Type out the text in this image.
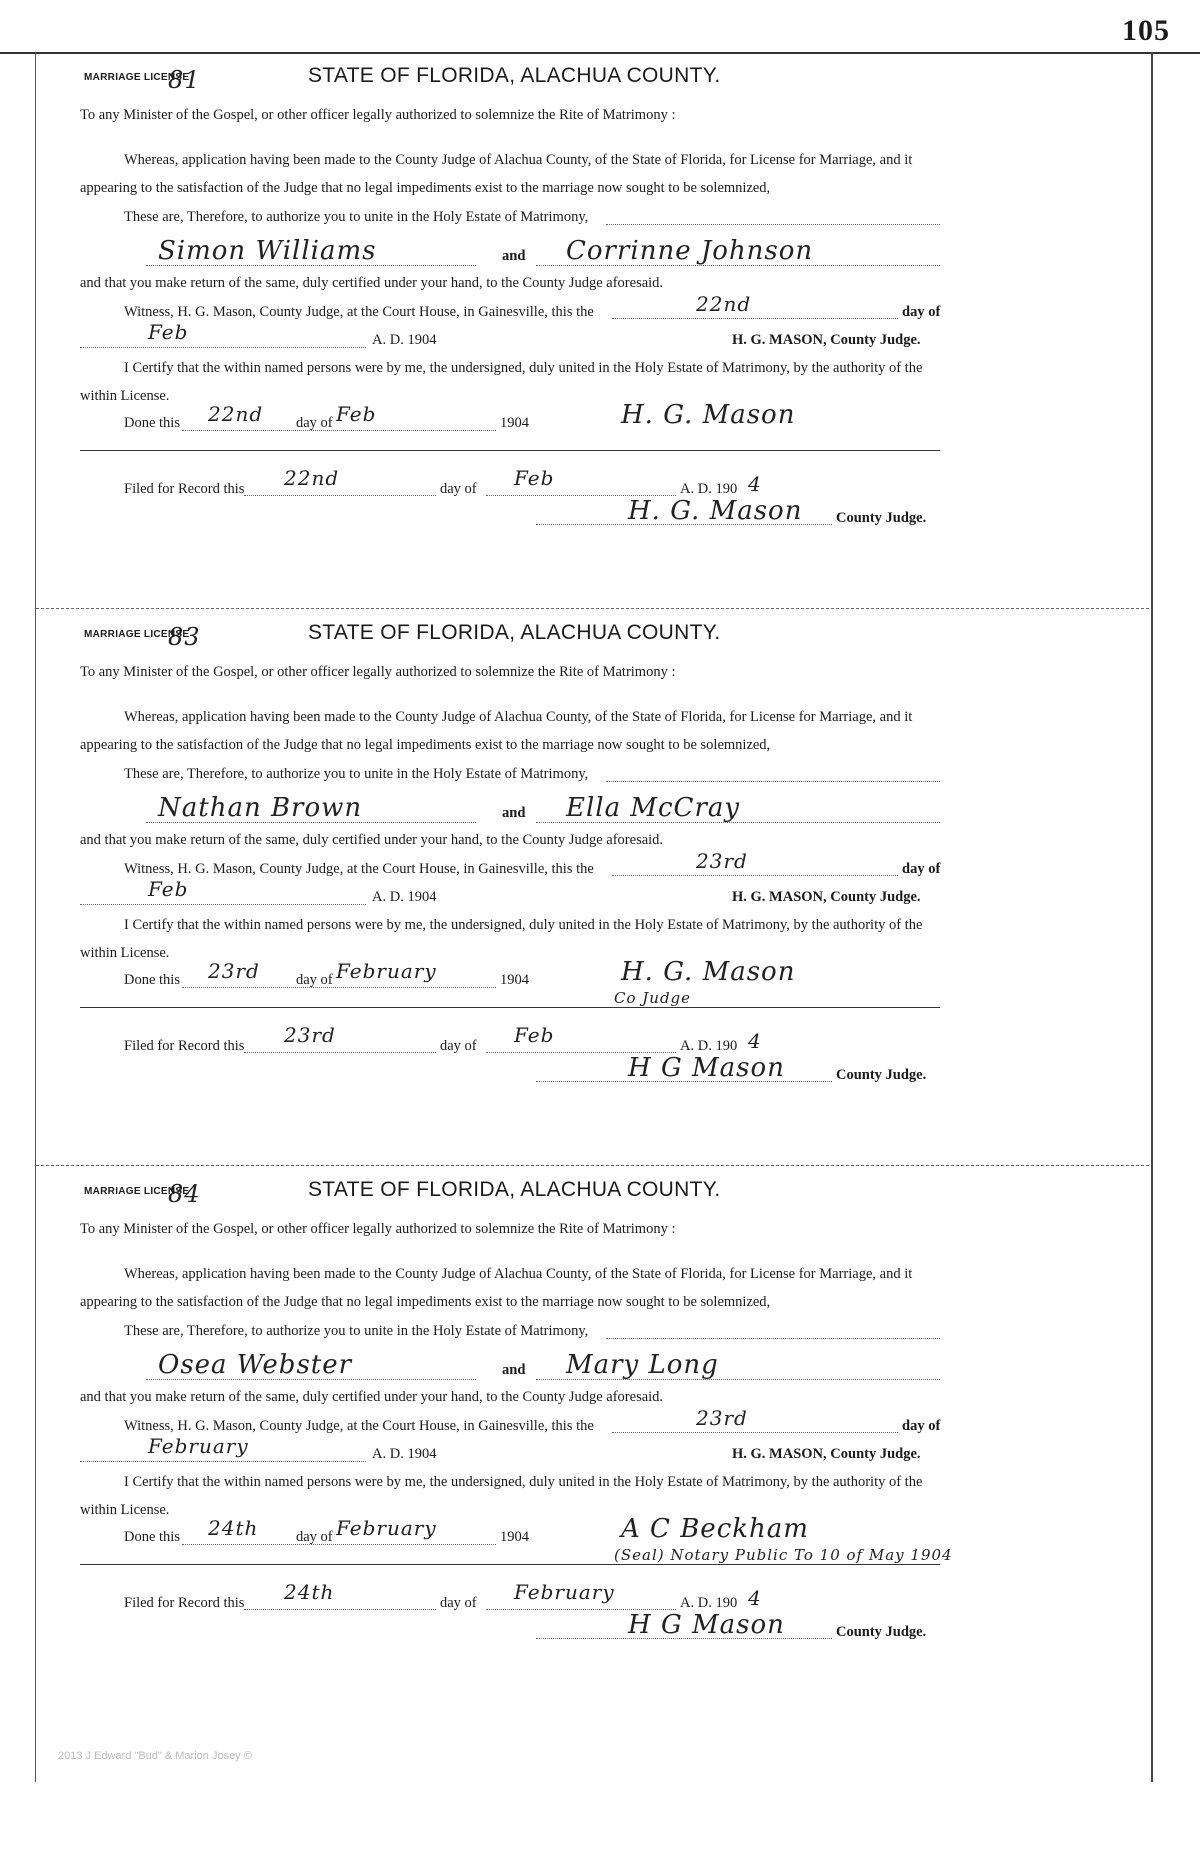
105
MARRIAGE LICENSE
81	STATE OF FLORIDA, ALACHUA COUNTY.
To any Minister of the Gospel, or other officer legally authorized to solemnize the Rite of Matrimony :
Whereas, application having been made to the County Judge of Alachua County, of the State of Florida, for License for Marriage, and it
appearing to the satisfaction of the Judge that no legal impediments exist to the marriage now sought to be solemnized,
These are, Therefore, to authorize you to unite in the Holy Estate of Matrimony,
Simon Williams	and Corrinne Johnson
and that you make return of the same, duly certified under your hand, to the County Judge aforesaid.
Witness, H. G. Mason, County Judge, at the Court House, in Gainesville, this the	22nd	day of
Feb	A. D. 1904	H. G. MASON, County Judge.
I Certify that the within named persons were by me, the undersigned, duly united in the Holy Estate of Matrimony, by the authority of the
within License.
Done this 22nd day of Feb	1904	H. G. Mason
Filed for Record this 22nd	day of Feb	A. D. 190 4
H. G. Mason County Judge.
MARRIAGE LICENSE
83	STATE OF FLORIDA, ALACHUA COUNTY.
To any Minister of the Gospel, or other officer legally authorized to solemnize the Rite of Matrimony :
Whereas, application having been made to the County Judge of Alachua County, of the State of Florida, for License for Marriage, and it
appearing to the satisfaction of the Judge that no legal impediments exist to the marriage now sought to be solemnized,
These are, Therefore, to authorize you to unite in the Holy Estate of Matrimony,
Nathan Brown	and Ella McCray
and that you make return of the same, duly certified under your hand, to the County Judge aforesaid.
Witness, H. G. Mason, County Judge, at the Court House, in Gainesville, this the	23rd	day of
Feb	A. D. 1904	H. G. MASON, County Judge.
I Certify that the within named persons were by me, the undersigned, duly united in the Holy Estate of Matrimony, by the authority of the
within License.
Done this 23rd day of February	1904	H. G. Mason
Co Judge
Filed for Record this 23rd	day of Feb	A. D. 190 4
H G Mason	County Judge.
MARRIAGE LICENSE
84	STATE OF FLORIDA, ALACHUA COUNTY.
To any Minister of the Gospel, or other officer legally authorized to solemnize the Rite of Matrimony :
Whereas, application having been made to the County Judge of Alachua County, of the State of Florida, for License for Marriage, and it
appearing to the satisfaction of the Judge that no legal impediments exist to the marriage now sought to be solemnized,
These are, Therefore, to authorize you to unite in the Holy Estate of Matrimony,
Osea Webster	and Mary Long
and that you make return of the same, duly certified under your hand, to the County Judge aforesaid.
Witness, H. G. Mason, County Judge, at the Court House, in Gainesville, this the	23rd	day of
February	A. D. 1904	H. G. MASON, County Judge.
I Certify that the within named persons were by me, the undersigned, duly united in the Holy Estate of Matrimony, by the authority of the
within License.
Done this 24th	day of February	1904	A C Beckham
(Seal) Notary Public To 10 of May 1904
Filed for Record this 24th	day of February	A. D. 190 4
H G Mason	County Judge.
2013 J Edward "Bud" & Marion Josey ©
